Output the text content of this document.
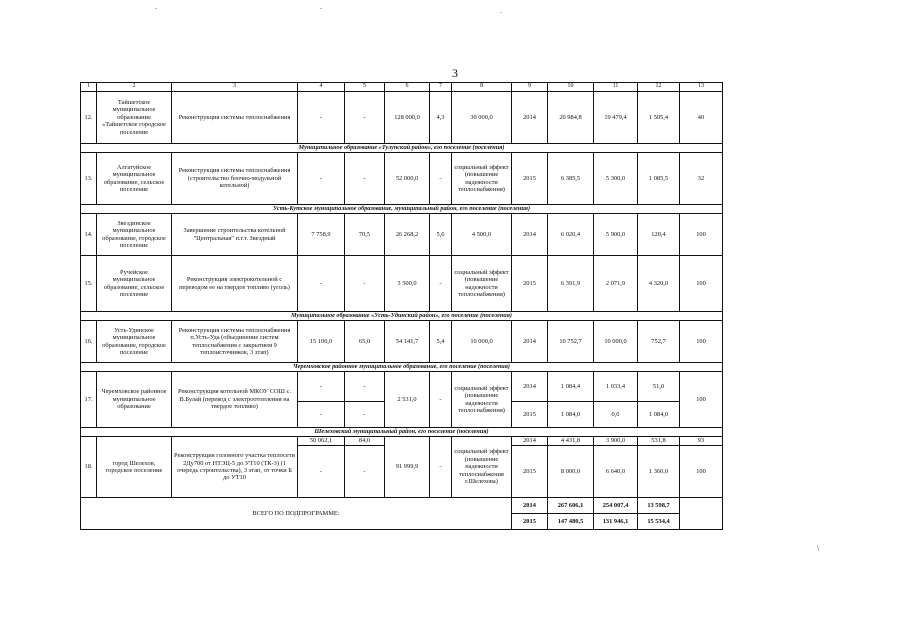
3
1	2	3	4	5	6	7	8	9	10	11	12	13
12.	Тайшетское муниципальное образование «Тайшетское городское поселение	Реконструкция системы теплоснабжения	-	-	128 000,0	4,3	30 000,0	2014	20 984,8	19 479,4	1 505,4	40
Муниципальное образование «Тулунский район», его поселение (поселения)												
13.	Алгатуйское муниципальное образование, сельское поселение	Реконструкция системы теплоснабжения (строительство блочно-модульной котельной)	-	-	52 000,0	-	социальный эффект (повышение надежности теплоснабжения)	2015	6 385,5	5 300,0	1 085,5	32
Усть-Кутское муниципальное образование, муниципальный район, его поселение (поселения)												
14.	Звездинское муниципальное образование, городское поселение	Завершение строительства котельной "Центральная" п.г.т. Звездный	7 758,9	70,5	26 268,2	5,6	4 500,0	2014	6 020,4	5 900,0	120,4	100
15.	Ручейское муниципальное образование, сельское поселение	Реконструкция электрокотельной с переводом ее на твердое топливо (уголь)	-	-	3 500,0	-	социальный эффект (повышение надежности теплоснабжения)	2015	6 391,9	2 071,9	4 320,0	100
Муниципальное образование «Усть-Удинский район», его поселение (поселения)												
16.	Усть-Удинское муниципальное образование, городское поселение	Реконструкция системы теплоснабжения п.Усть-Уда (объединение систем теплоснабжения с закрытием 9 теплоисточников, 3 этап)	15 100,0	65,0	54 141,7	5,4	10 000,0	2014	10 752,7	10 000,0	752,7	100
Черемховское районное муниципальное образование, его поселение (поселения)												
17.	Черемховское районное муниципальное образование	Реконструкция котельной МКОУ СОШ с. В.Булай (перевод с электроотопления на твердое топливо)	-	-	2 531,0	-	социальный эффект (повышение надежности теплоснабжения)	2014	1 084,4	1 033,4	51,0	100
			-	-				2015	1 084,0	0,0	1 084,0	
Шелеховский муниципальный район, его поселение (поселения)												
18.	город Шелехов, городское поселение	Реконструкция головного участка теплосети 2Ду700 от НТЭЦ-5 до УТ10 (ТК-3) (1 очередь строительства), 3 этап, от точки Б до УТ10	50 062,1	84,0	91 999,9	-	социальный эффект (повышение надежности теплоснабжения г.Шелехова)	2014	4 431,8	3 900,0	531,8	93
			-	-				2015	8 000,0	6 640,0	1 360,0	100
ВСЕГО ПО ПОДПРОГРАММЕ:								2014	267 606,1	254 007,4	13 598,7	
								2015	147 480,5	131 946,1	15 534,4	
\
